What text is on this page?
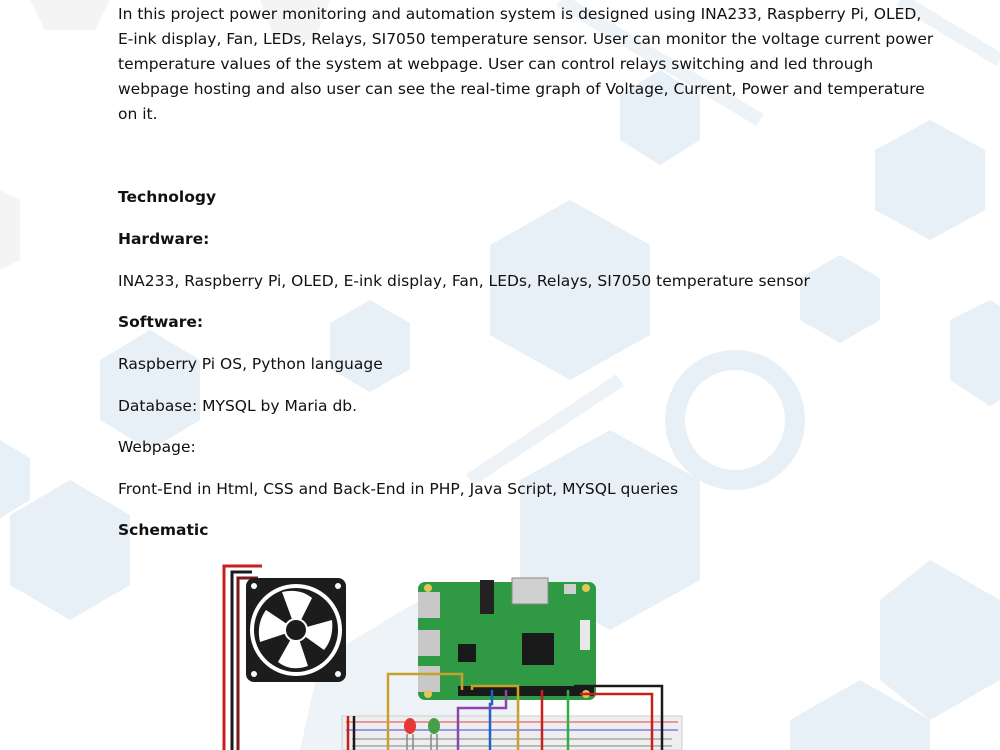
In this project power monitoring and automation system is designed using INA233, Raspberry Pi, OLED,
E-ink display, Fan, LEDs, Relays, SI7050 temperature sensor. User can monitor the voltage current power
temperature values of the system at webpage. User can control relays switching and led through
webpage hosting and also user can see the real-time graph of Voltage, Current, Power and temperature
on it.
Technology
Hardware:
INA233, Raspberry Pi, OLED, E-ink display, Fan, LEDs, Relays, SI7050 temperature sensor
Software:
Raspberry Pi OS, Python language
Database: MYSQL by Maria db.
Webpage:
Front-End in Html, CSS and Back-End in PHP, Java Script, MYSQL queries
Schematic
